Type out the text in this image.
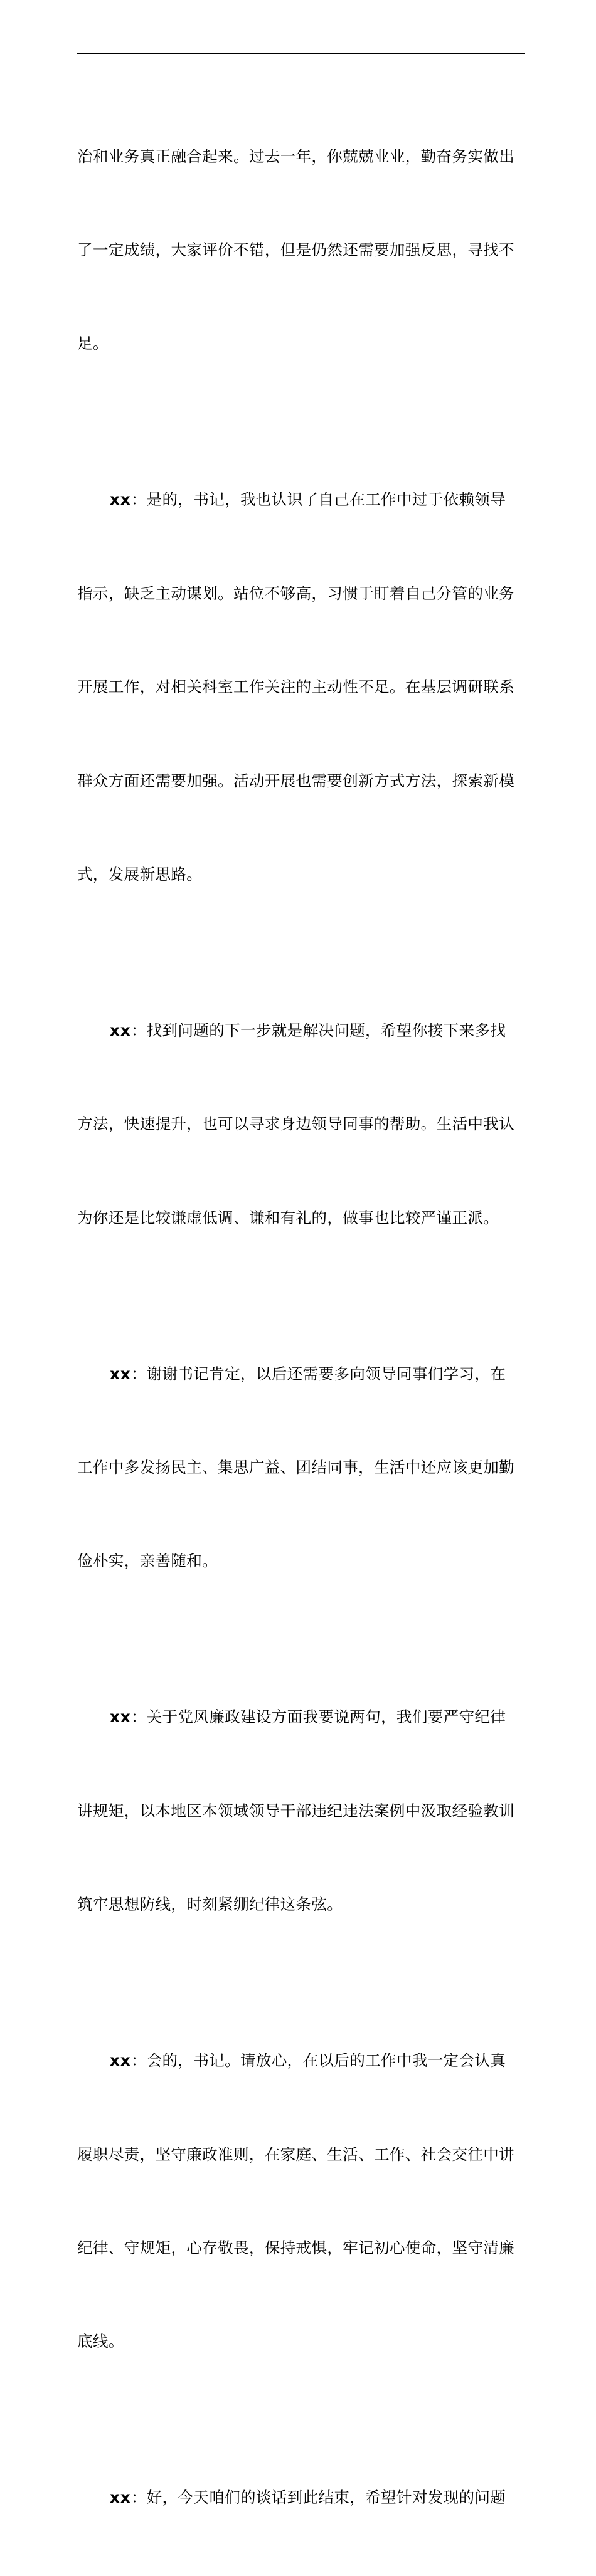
治和业务真正融合起来。过去一年，你兢兢业业，勤奋务实做出

了一定成绩，大家评价不错，但是仍然还需要加强反思，寻找不

足。

xx：是的，书记，我也认识了自己在工作中过于依赖领导

指示，缺乏主动谋划。站位不够高，习惯于盯着自己分管的业务

开展工作，对相关科室工作关注的主动性不足。在基层调研联系

群众方面还需要加强。活动开展也需要创新方式方法，探索新模

式，发展新思路。

xx：找到问题的下一步就是解决问题，希望你接下来多找

方法，快速提升，也可以寻求身边领导同事的帮助。生活中我认

为你还是比较谦虚低调、谦和有礼的，做事也比较严谨正派。

xx：谢谢书记肯定，以后还需要多向领导同事们学习，在

工作中多发扬民主、集思广益、团结同事，生活中还应该更加勤

俭朴实，亲善随和。

xx：关于党风廉政建设方面我要说两句，我们要严守纪律

讲规矩，以本地区本领域领导干部违纪违法案例中汲取经验教训

筑牢思想防线，时刻紧绷纪律这条弦。

xx：会的，书记。请放心，在以后的工作中我一定会认真

履职尽责，坚守廉政准则，在家庭、生活、工作、社会交往中讲

纪律、守规矩，心存敬畏，保持戒惧，牢记初心使命，坚守清廉

底线。

xx：好，今天咱们的谈话到此结束，希望针对发现的问题
